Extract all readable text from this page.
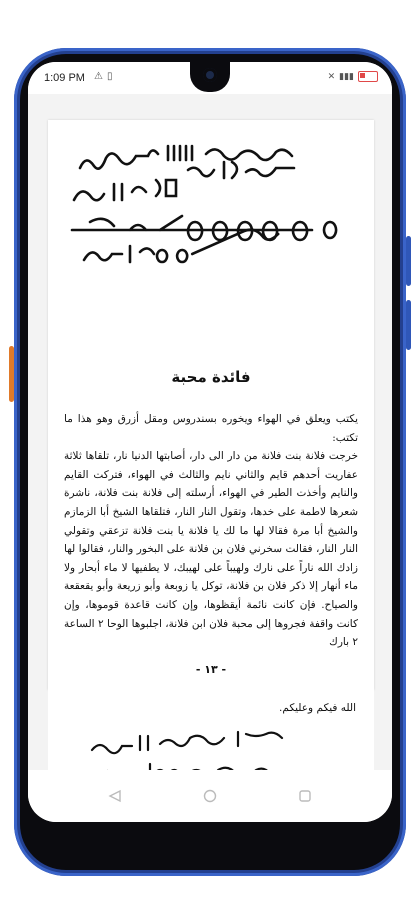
1:09 PM ⚠▯	✕ ▮▮▮
فائدة محبة

يكتب ويعلق في الهواء ويخوره بسندروس ومقل أزرق وهو هذا ما تكتب:

خرجت فلانة بنت فلانة من دار الى دار، أصابتها الدنيا نار، تلقاها ثلاثة عفاريت أحدهم قايم والثاني نايم والثالث في الهواء، فتركت القايم والنايم وأخذت الطير في الهواء، أرسلته إلى فلانة بنت فلانة، ناشرة شعرها لاطمة على خدها، وتقول النار النار، فتلقاها الشيخ أبا الزمازم والشيخ أبا مرة فقالا لها ما لك يا فلانة يا بنت فلانة تزعقي وتقولي النار النار، فقالت سخرني فلان بن فلانة على البخور والنار، فقالوا لها زادك الله ناراً على نارك ولهيباً على لهيبك، لا يطفيها لا ماء أبحار ولا ماء أنهار إلا ذكر فلان بن فلانة، توكل يا زوبعة وأبو زريعة وأبو يقعقعة والصياح. فإن كانت نائمة أيقظوها، وإن كانت قاعدة قوموها، وإن كانت واقفة فجروها إلى محبة فلان ابن فلانة، اجلبوها الوحا ٢ الساعة ٢ بارك

- ١٣ -
الله فيكم وعليكم.
